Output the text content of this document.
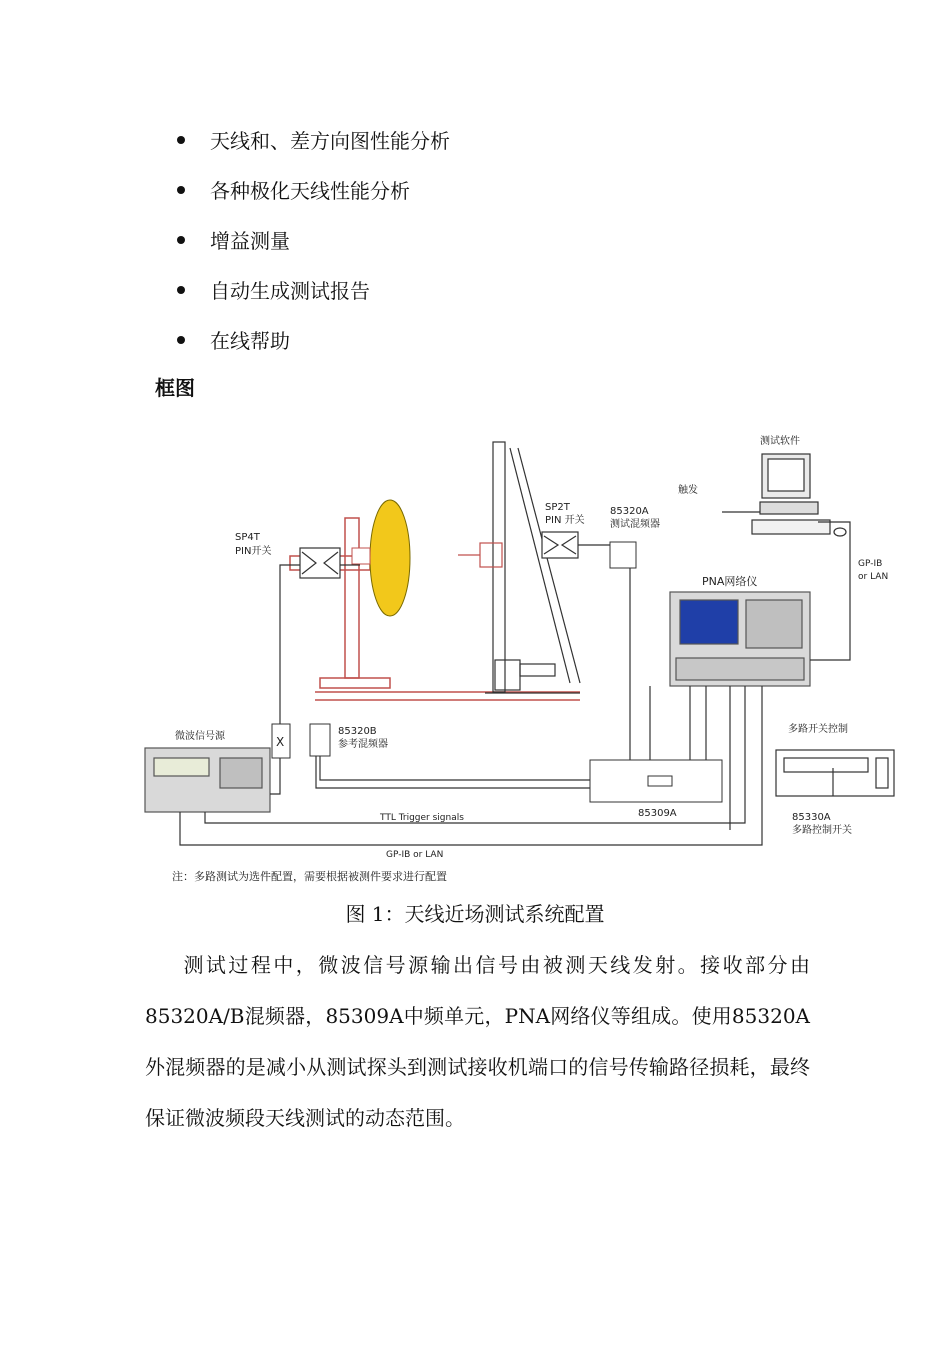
天线和、差方向图性能分析
各种极化天线性能分析
增益测量
自动生成测试报告
在线帮助
框图
SP4T
PIN开关
SP2T
PIN 开关
85320A
测试混频器
测试软件
触发
GP-IB
or LAN
PNA网络仪
微波信号源	X
85320B
参考混频器
85309A
多路开关控制
85330A
多路控制开关
TTL Trigger signals
GP-IB or LAN
注：多路测试为选件配置，需要根据被测件要求进行配置
图 1：天线近场测试系统配置
测试过程中，微波信号源输出信号由被测天线发射。接收部分由85320A/B混频器，85309A中频单元，PNA网络仪等组成。使用85320A外混频器的是减小从测试探头到测试接收机端口的信号传输路径损耗，最终保证微波频段天线测试的动态范围。
